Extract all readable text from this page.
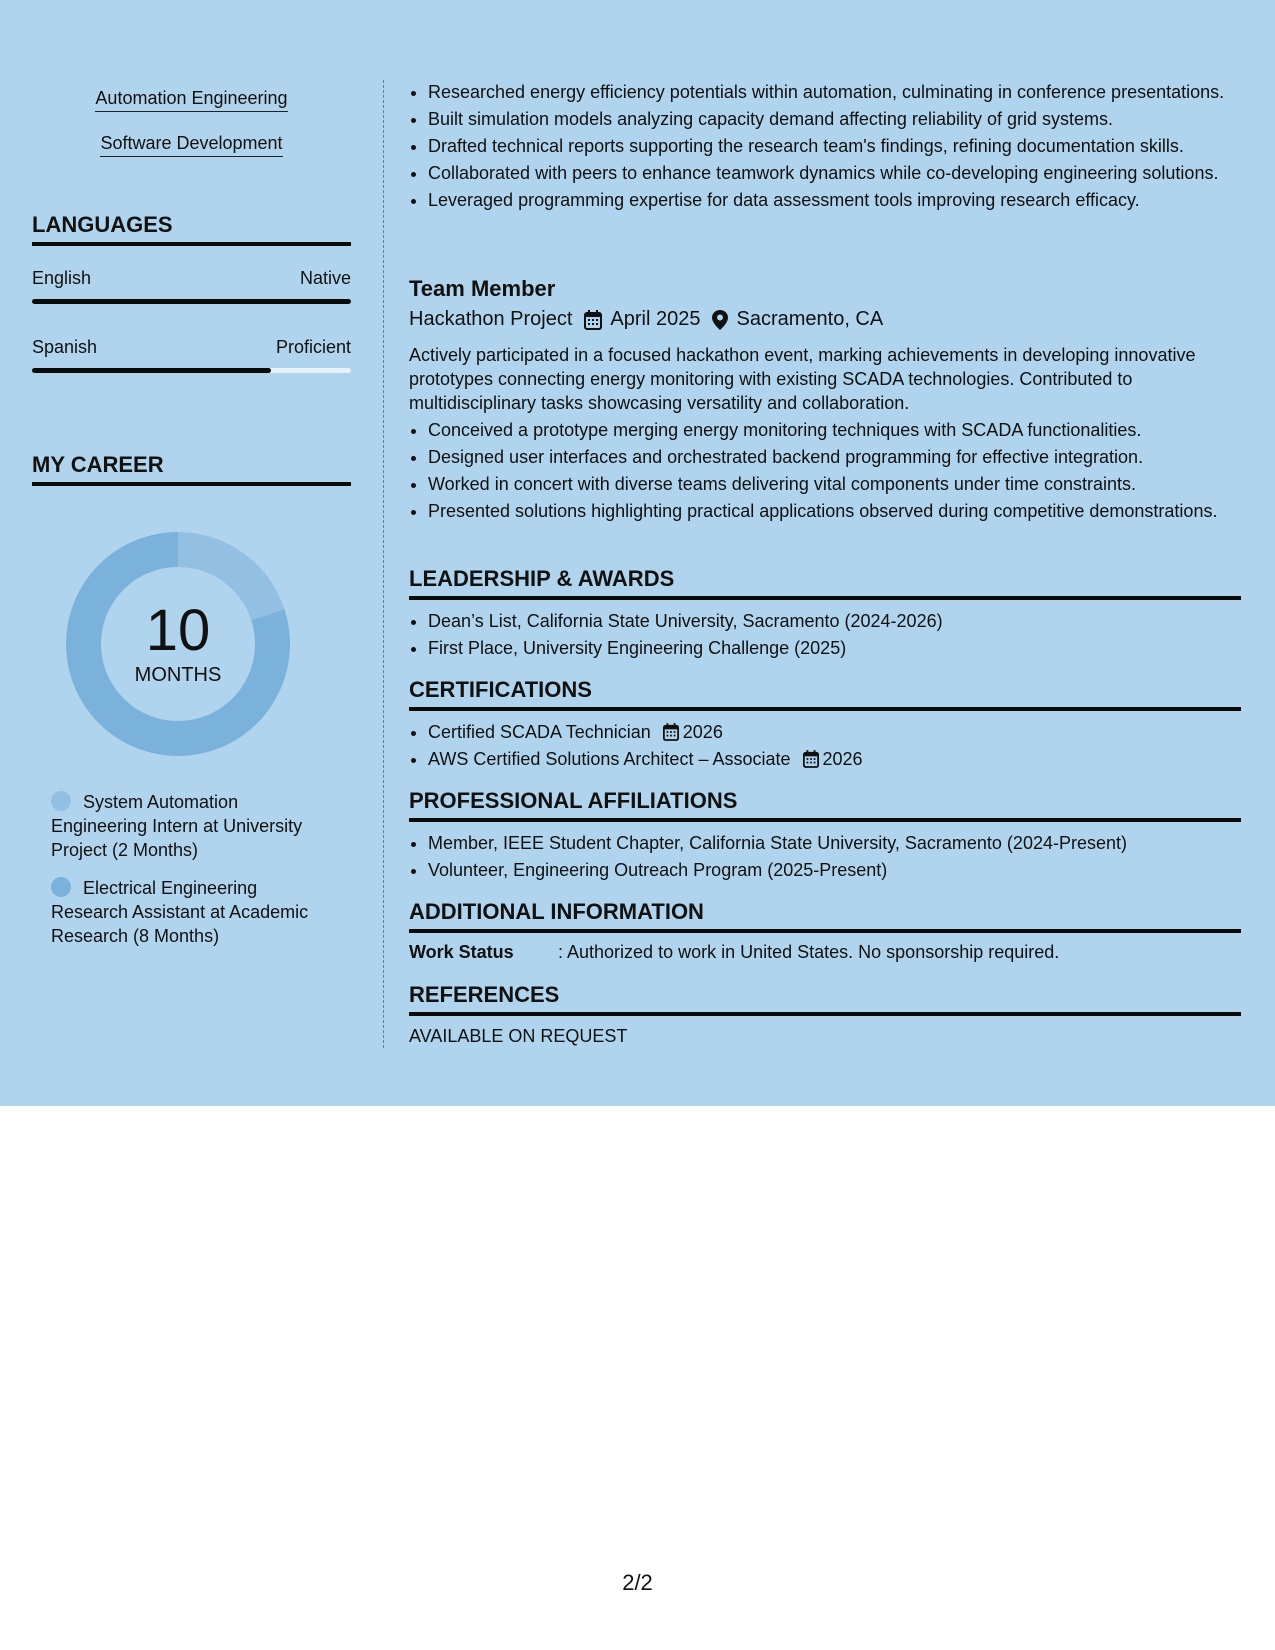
Automation Engineering
Software Development
LANGUAGES
English	Native
Spanish	Proficient
MY CAREER
10
MONTHS
System Automation Engineering Intern at University Project (2 Months)
Electrical Engineering Research Assistant at Academic Research (8 Months)
• Researched energy efficiency potentials within automation, culminating in conference presentations.
• Built simulation models analyzing capacity demand affecting reliability of grid systems.
• Drafted technical reports supporting the research team's findings, refining documentation skills.
• Collaborated with peers to enhance teamwork dynamics while co-developing engineering solutions.
• Leveraged programming expertise for data assessment tools improving research efficacy.
Team Member
Hackathon Project April 2025 Sacramento, CA

Actively participated in a focused hackathon event, marking achievements in developing innovative prototypes connecting energy monitoring with existing SCADA technologies. Contributed to multidisciplinary tasks showcasing versatility and collaboration.

• Conceived a prototype merging energy monitoring techniques with SCADA functionalities.
• Designed user interfaces and orchestrated backend programming for effective integration.
• Worked in concert with diverse teams delivering vital components under time constraints.
• Presented solutions highlighting practical applications observed during competitive demonstrations.
LEADERSHIP & AWARDS
• Dean’s List, California State University, Sacramento (2024-2026)
• First Place, University Engineering Challenge (2025)
CERTIFICATIONS
• Certified SCADA Technician 2026
• AWS Certified Solutions Architect – Associate 2026
PROFESSIONAL AFFILIATIONS
• Member, IEEE Student Chapter, California State University, Sacramento (2024-Present)
• Volunteer, Engineering Outreach Program (2025-Present)
ADDITIONAL INFORMATION
Work Status	: Authorized to work in United States. No sponsorship required.
REFERENCES
AVAILABLE ON REQUEST
2/2
